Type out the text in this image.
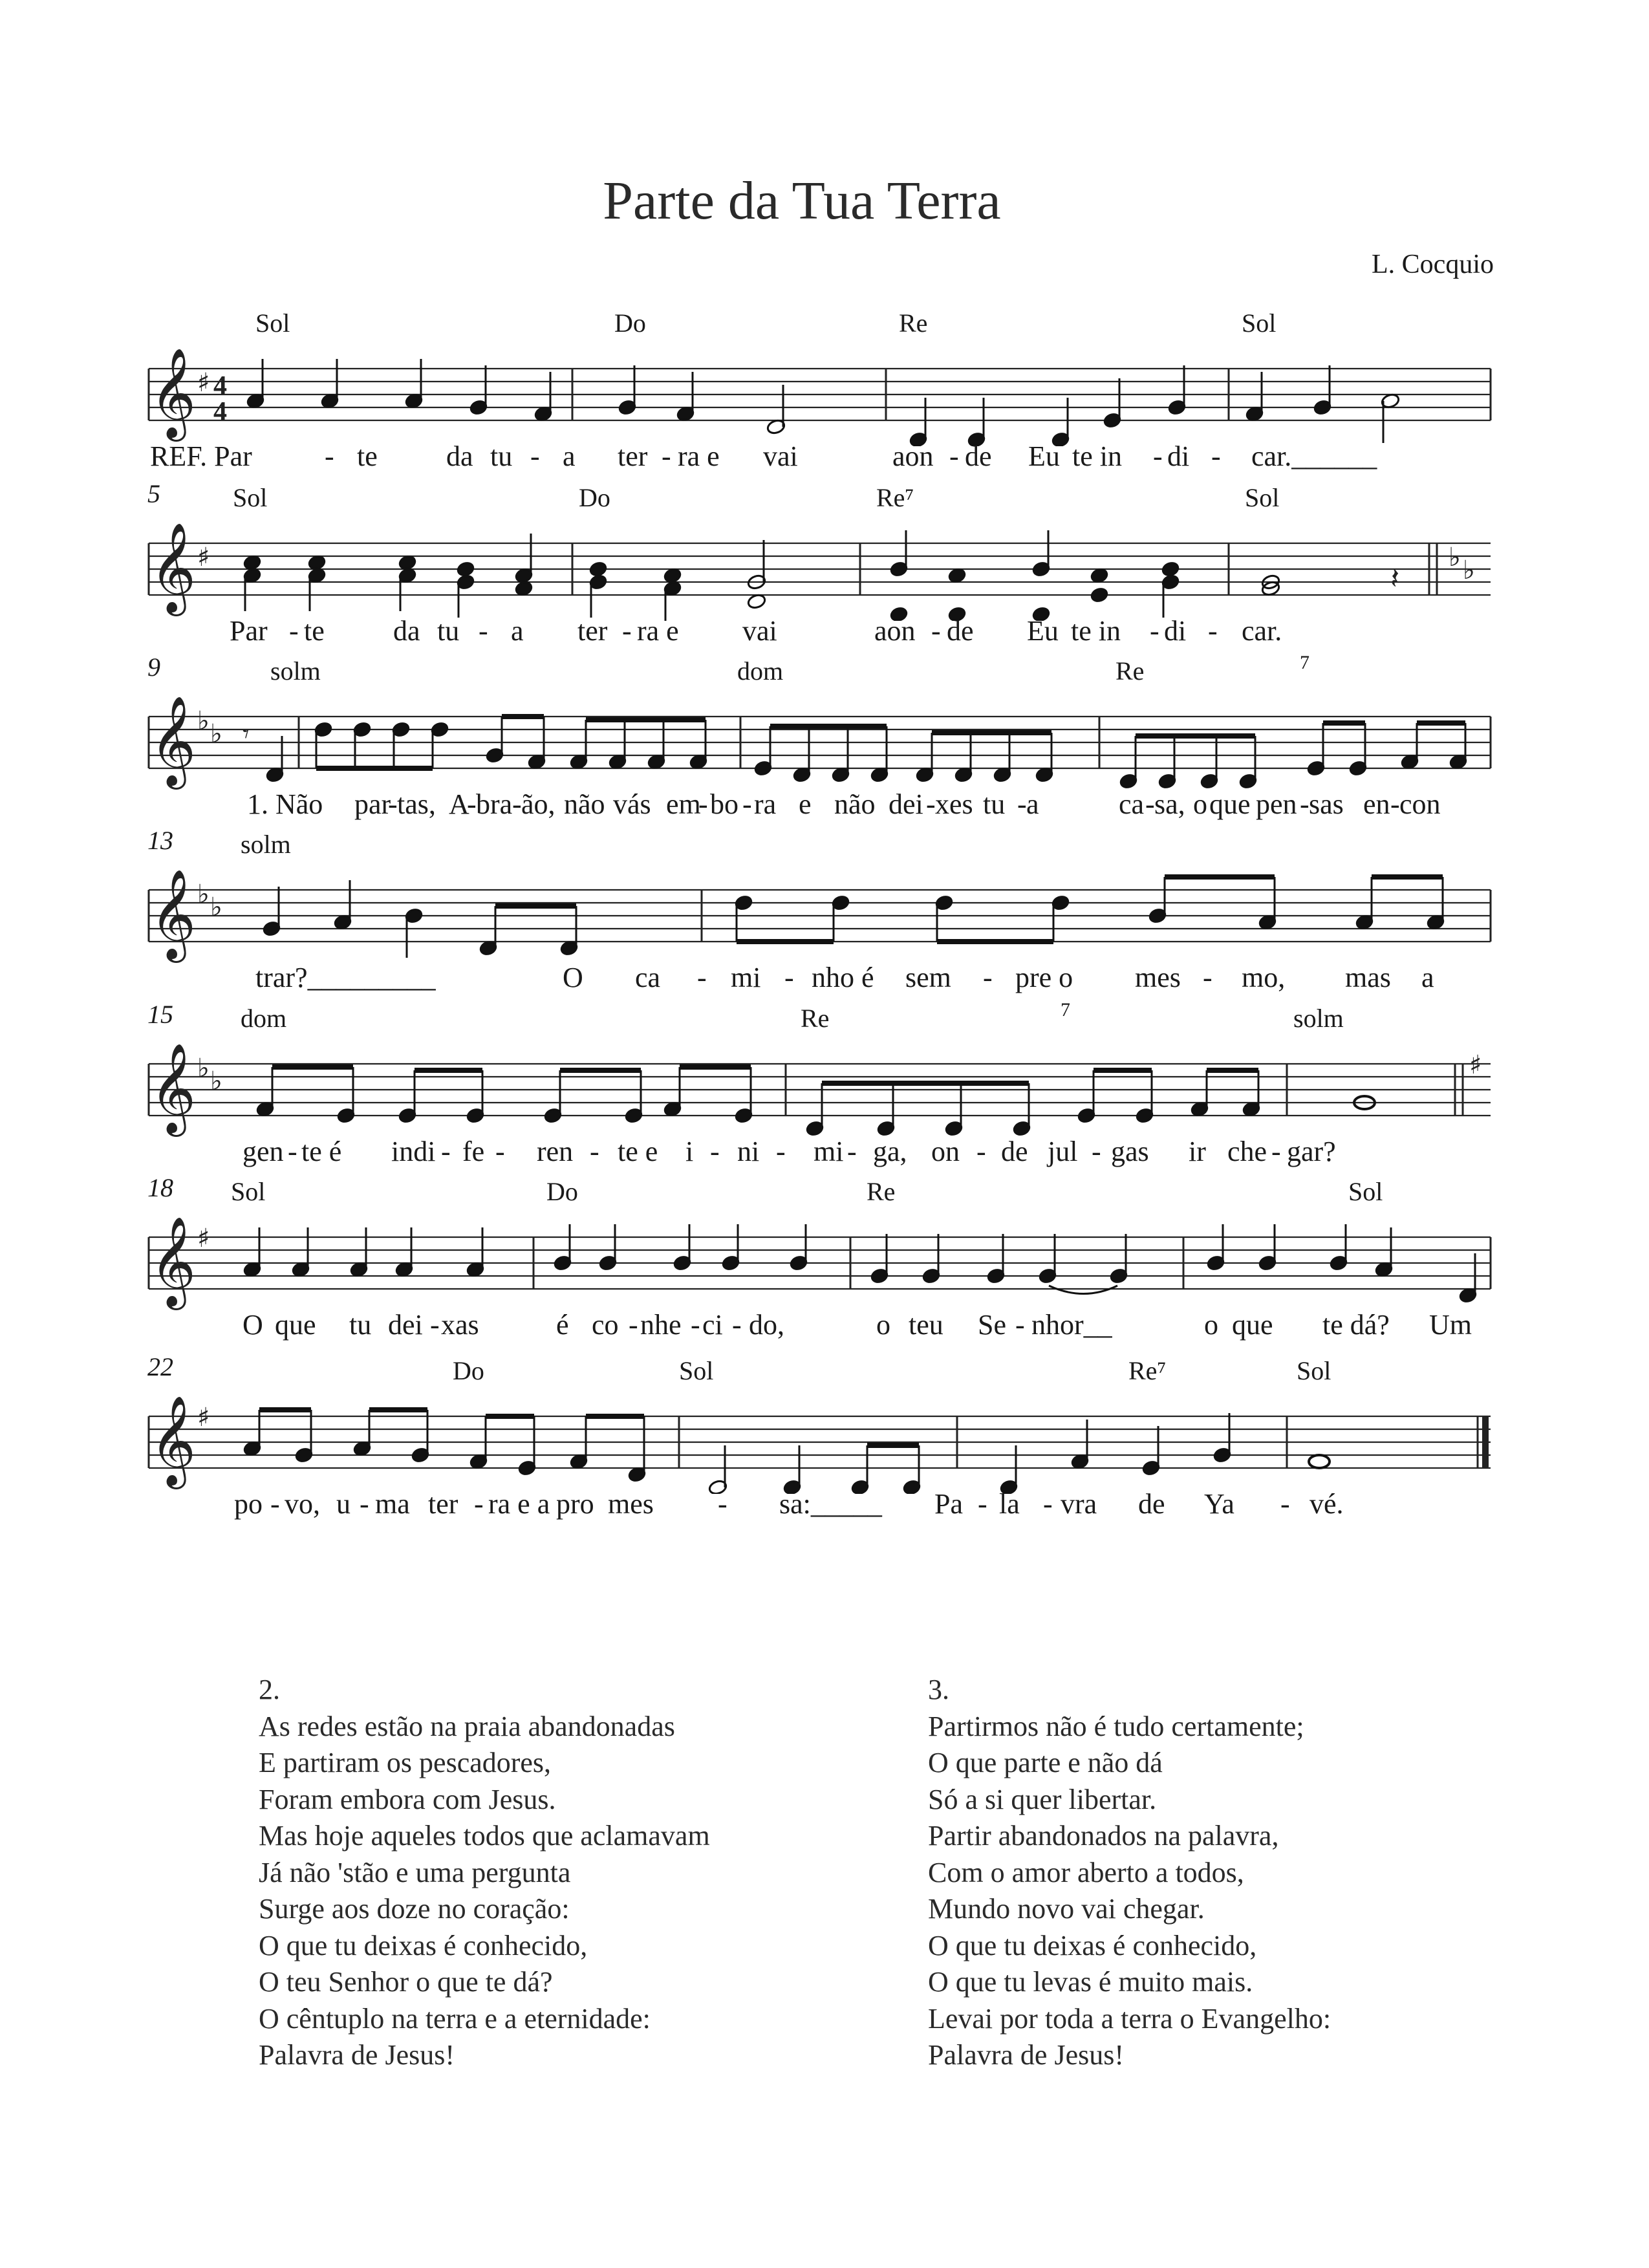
Parte da Tua Terra
L. Cocquio
𝄞 ♯ 4
4
Sol	Do	Re	Sol
REF. Par	- te da tu - a ter - ra e vai	aon - de Eu te in - di - car.______
5
𝄞 ♯	♭ ♭
𝄽
Sol	Do	Re⁷	Sol
Par - te da tu - a ter - ra e vai	aon - de Eu te in - di - car.
9
𝄞 ♭ ♭ 𝄾
solm	dom	Re	7
1. Não par
- tas, A
- bra - ão, não vás em
- bo - ra e não dei - xes tu - a	ca - sa, o que pen - sas en - con
13
𝄞 ♭ ♭
solm
trar?_________	O ca - mi - nho é sem - pre o mes - mo, mas a
15
𝄞 ♭ ♭
♯
dom	Re	7	solm
gen - te é indi - fe - ren - te e i - ni - mi - ga, on - de jul - gas ir che - gar?
18
𝄞 ♯
Sol	Do	Re	Sol
O que tu dei - xas	é co - nhe - ci - do,	o teu Se - nhor__	o que te dá? Um
22
𝄞 ♯
Do	Sol	Re⁷	Sol
po - vo, u - ma ter - ra e a pro mes - sa:_____ Pa - la - vra de Ya - vé.
2.
As redes estão na praia abandonadas
E partiram os pescadores,
Foram embora com Jesus.
Mas hoje aqueles todos que aclamavam
Já não 'stão e uma pergunta
Surge aos doze no coração:
O que tu deixas é conhecido,
O teu Senhor o que te dá?
O cêntuplo na terra e a eternidade:
Palavra de Jesus!
3.
Partirmos não é tudo certamente;
O que parte e não dá
Só a si quer libertar.
Partir abandonados na palavra,
Com o amor aberto a todos,
Mundo novo vai chegar.
O que tu deixas é conhecido,
O que tu levas é muito mais.
Levai por toda a terra o Evangelho:
Palavra de Jesus!
